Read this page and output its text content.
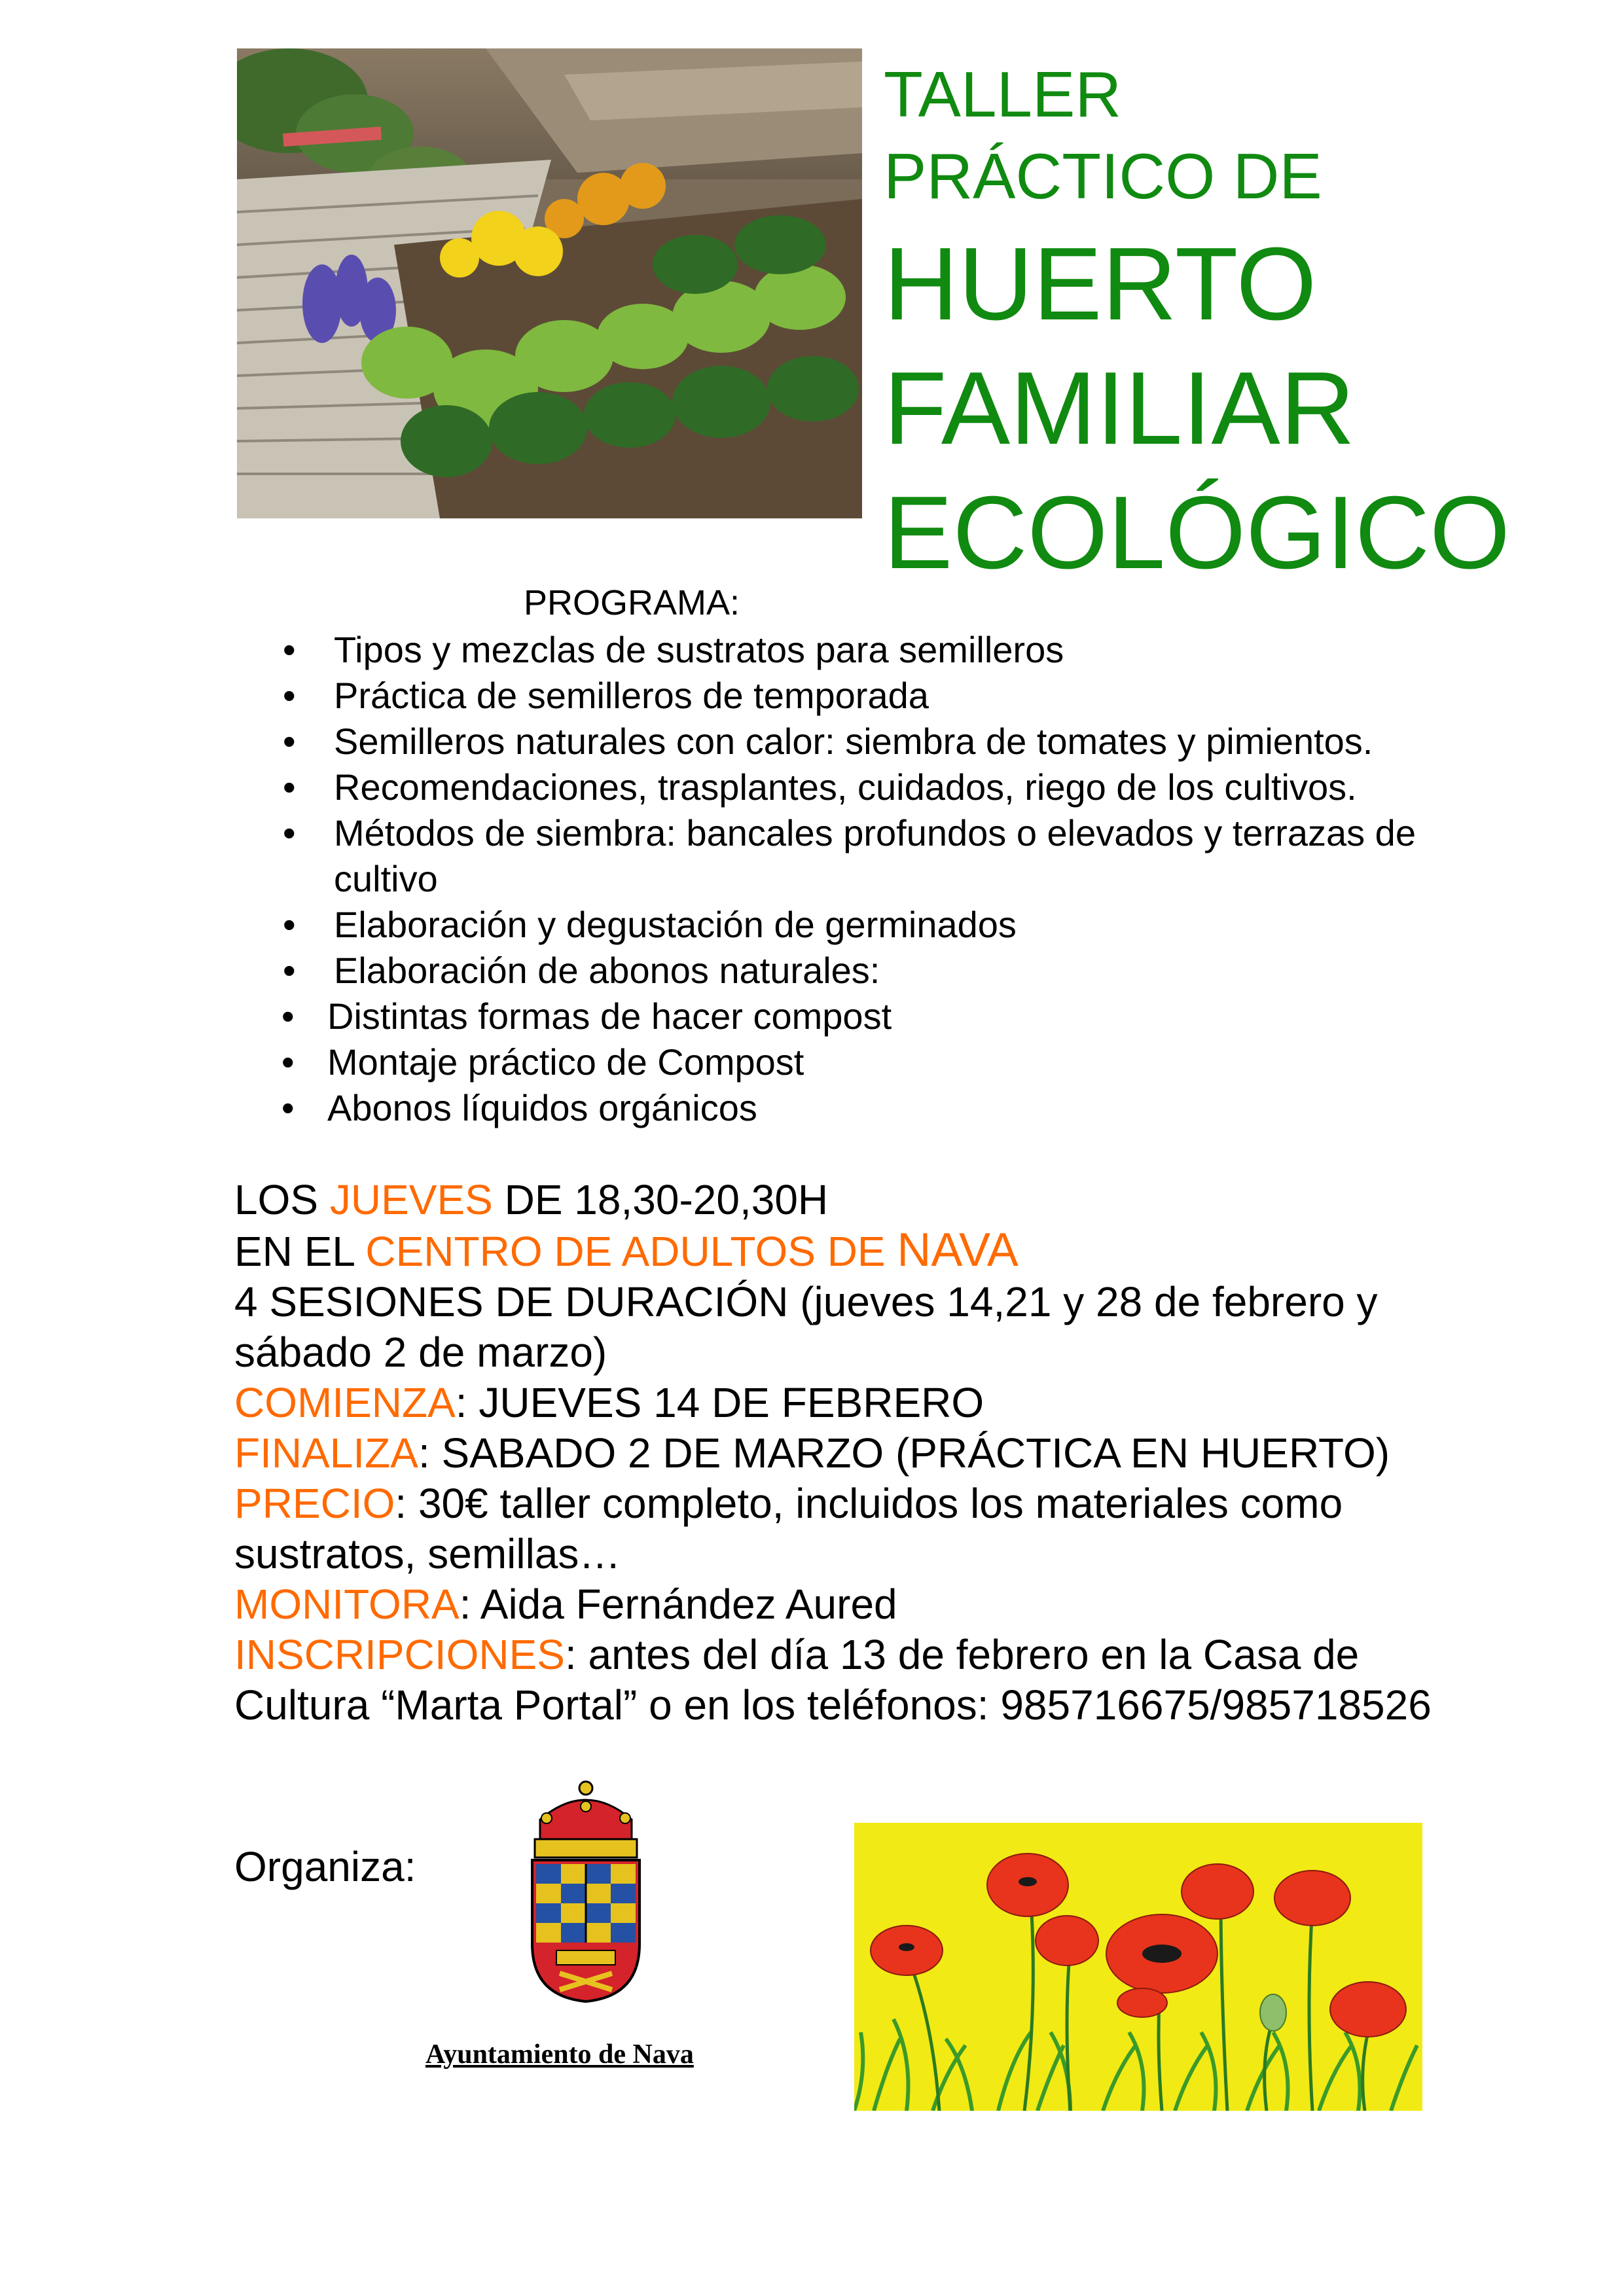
TALLER
PRÁCTICO DE
HUERTO
FAMILIAR
ECOLÓGICO
PROGRAMA:
• Tipos y mezclas de sustratos para semilleros
• Práctica de semilleros de temporada
• Semilleros naturales con calor: siembra de tomates y pimientos.
• Recomendaciones, trasplantes, cuidados, riego de los cultivos.
• Métodos de siembra: bancales profundos o elevados y terrazas de
cultivo
• Elaboración y degustación de germinados
• Elaboración de abonos naturales:
• Distintas formas de hacer compost
• Montaje práctico de Compost
• Abonos líquidos orgánicos
LOS JUEVES DE 18,30-20,30H
EN EL CENTRO DE ADULTOS DE NAVA
4 SESIONES DE DURACIÓN (jueves 14,21 y 28 de febrero y
sábado 2 de marzo)
COMIENZA: JUEVES 14 DE FEBRERO
FINALIZA: SABADO 2 DE MARZO (PRÁCTICA EN HUERTO)
PRECIO: 30€ taller completo, incluidos los materiales como
sustratos, semillas…
MONITORA: Aida Fernández Aured
INSCRIPCIONES: antes del día 13 de febrero en la Casa de
Cultura “Marta Portal” o en los teléfonos: 985716675/985718526
Organiza:
Ayuntamiento de Nava
